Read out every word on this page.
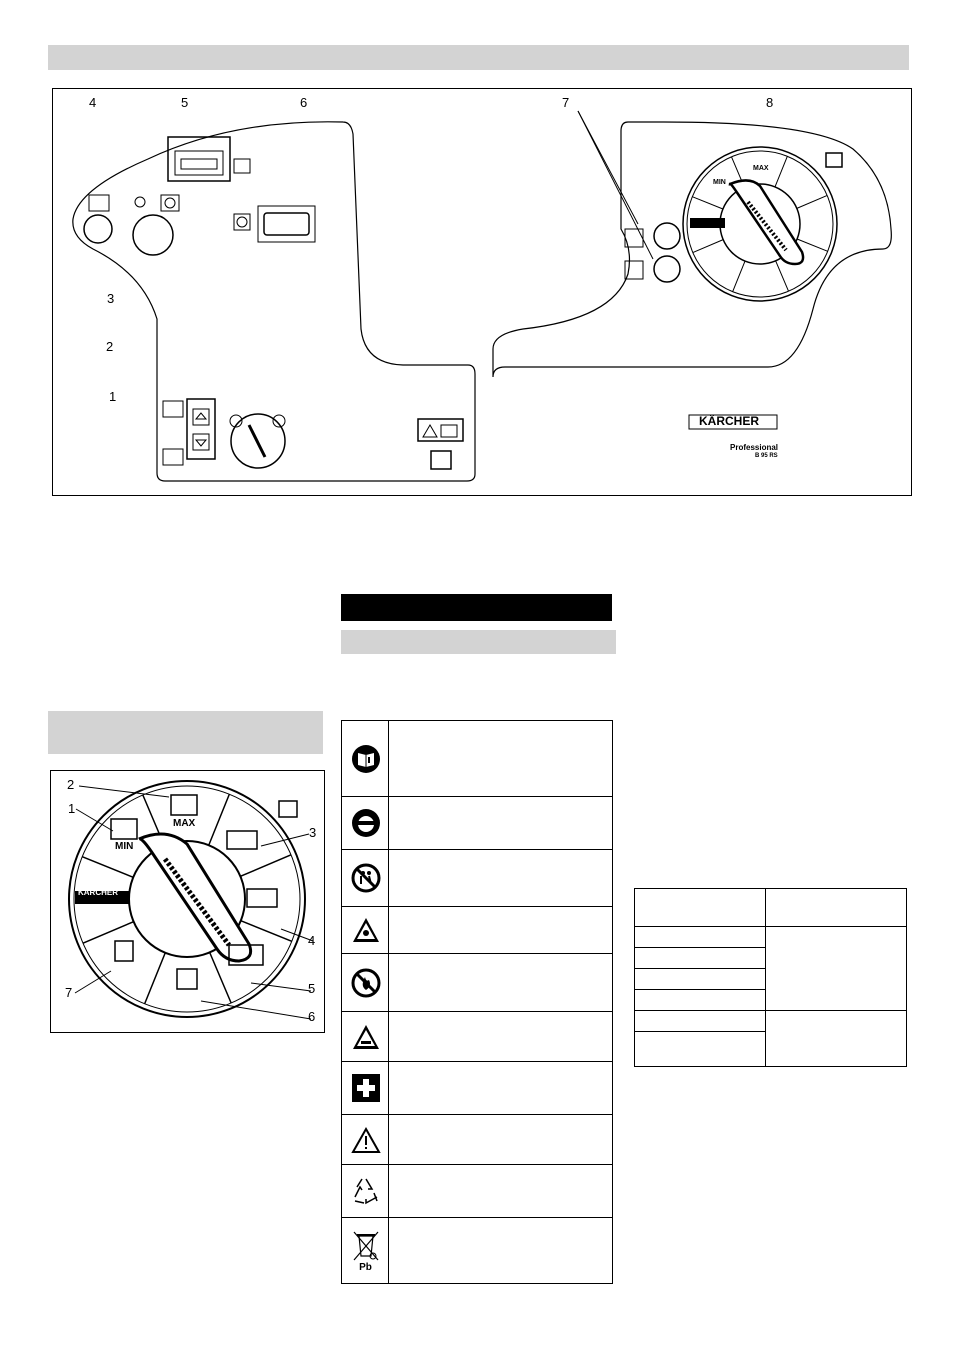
4	5	6	7	8
3
2
1
MIN
MAX
KÄRCHER
KÄRCHER
Professional
B 95 RS
2
1
3
4
5
6
7
MIN
MAX
KÄRCHER
Pb
